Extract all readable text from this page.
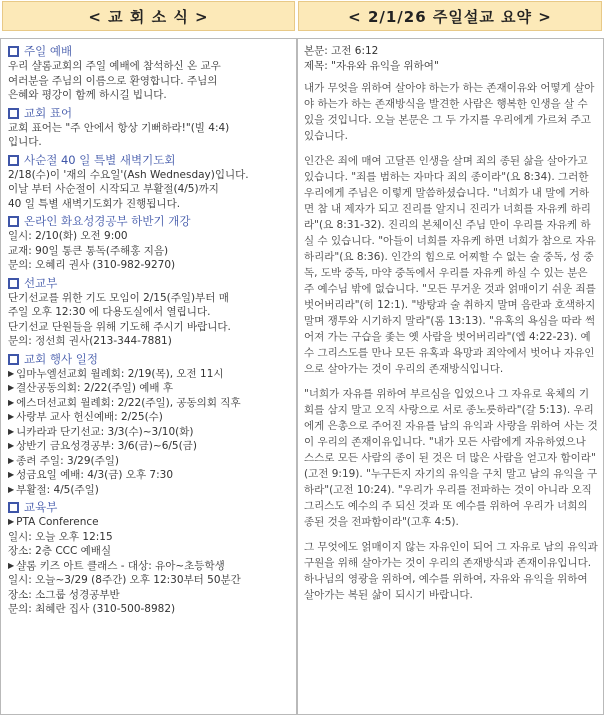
< 교 회 소 식 >	< 2/1/26 주일설교 요약 >
주일 예배
우리 샬롬교회의 주일 예배에 참석하신 온 교우
여러분을 주님의 이름으로 환영합니다. 주님의
은혜와 평강이 함께 하시길 빕니다.
교회 표어
교회 표어는 "주 안에서 항상 기뻐하라!"(빌 4:4)
입니다.
사순절 40 일 특별 새벽기도회
2/18(수)이 '재의 수요일'(Ash Wednesday)입니다.
이날 부터 사순절이 시작되고 부활절(4/5)까지
40 일 특별 새벽기도회가 진행됩니다.
온라인 화요성경공부 하반기 개강
일시: 2/10(화) 오전 9:00
교재: 90일 통큰 통독(주해홍 지음)
문의: 오혜리 권사 (310-982-9270)
선교부
단기선교를 위한 기도 모임이 2/15(주일)부터 매
주일 오후 12:30 에 다용도실에서 열립니다.
단기선교 단원들을 위해 기도해 주시기 바랍니다.
문의: 정선희 권사(213-344-7881)
교회 행사 일정
▶ 임마누엘선교회 월례회: 2/19(목), 오전 11시
▶ 결산공동의회: 2/22(주일) 예배 후
▶ 에스더선교회 월례회: 2/22(주일), 공동의회 직후
▶ 사랑부 교사 헌신예배: 2/25(수)
▶ 니카라과 단기선교: 3/3(수)~3/10(화)
▶ 상반기 금요성경공부: 3/6(금)~6/5(금)
▶ 종려 주일: 3/29(주일)
▶ 성금요일 예배: 4/3(금) 오후 7:30
▶ 부활절: 4/5(주일)
교육부
▶ PTA Conference
일시: 오늘 오후 12:15
장소: 2층 CCC 예배실
▶ 샬롬 키즈 아트 클래스 - 대상: 유아~초등학생
일시: 오늘~3/29 (8주간) 오후 12:30부터 50분간
장소: 소그룹 성경공부반
문의: 최혜란 집사 (310-500-8982)
본문: 고전 6:12
제목: "자유와 유익을 위하여"

내가 무엇을 위하여 살아야 하는가 하는 존재이유와 어떻게 살아야 하는가 하는 존재방식을 발견한 사람은 행복한 인생을 살 수 있을 것입니다. 오늘 본문은 그 두 가지를 우리에게 가르쳐 주고 있습니다.

인간은 죄에 매여 고달픈 인생을 살며 죄의 종된 삶을 살아가고 있습니다. "죄를 범하는 자마다 죄의 종이라"(요 8:34). 그러한 우리에게 주님은 이렇게 말씀하셨습니다. "너희가 내 말에 거하면 참 내 제자가 되고 진리를 알지니 진리가 너희를 자유케 하리라"(요 8:31-32). 진리의 본체이신 주님 만이 우리를 자유케 하실 수 있습니다. "아들이 너희를 자유케 하면 너희가 참으로 자유하리라"(요 8:36). 인간의 힘으로 어찌할 수 없는 술 중독, 성 중독, 도박 중독, 마약 중독에서 우리를 자유케 하실 수 있는 분은 주 예수님 밖에 없습니다. "모든 무거운 것과 얽매이기 쉬운 죄를 벗어버리라"(히 12:1). "방탕과 술 취하지 말며 음란과 호색하지 말며 쟁투와 시기하지 말라"(롬 13:13). "유혹의 욕심을 따라 썩어져 가는 구습을 좇는 옛 사람을 벗어버리라"(엡 4:22-23). 예수 그리스도를 만나 모든 유혹과 욕망과 죄악에서 벗어나 자유인으로 살아가는 것이 우리의 존재방식입니다.

"너희가 자유를 위하여 부르심을 입었으나 그 자유로 육체의 기회를 삼지 말고 오직 사랑으로 서로 종노릇하라"(갈 5:13). 우리에게 은총으로 주어진 자유를 남의 유익과 사랑을 위하여 사는 것이 우리의 존재이유입니다. "내가 모든 사람에게 자유하였으나 스스로 모든 사람의 종이 된 것은 더 많은 사람을 얻고자 함이라"(고전 9:19). "누구든지 자기의 유익을 구치 말고 남의 유익을 구하라"(고전 10:24). "우리가 우리를 전파하는 것이 아니라 오직 그리스도 예수의 주 되신 것과 또 예수를 위하여 우리가 너희의 종된 것을 전파함이라"(고후 4:5).

그 무엇에도 얽매이지 않는 자유인이 되어 그 자유로 남의 유익과 구원을 위해 살아가는 것이 우리의 존재방식과 존재이유입니다. 하나님의 영광을 위하여, 예수를 위하여, 자유와 유익을 위하여 살아가는 복된 삶이 되시기 바랍니다.
